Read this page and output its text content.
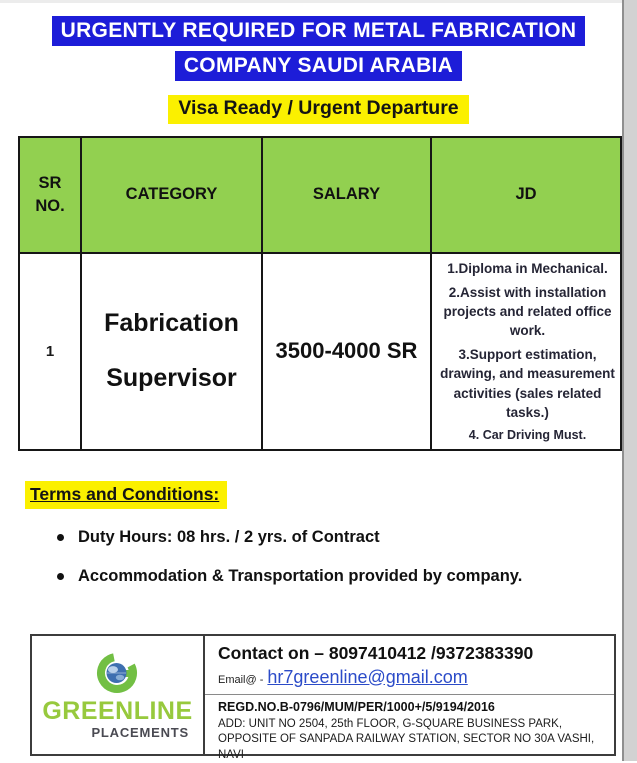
URGENTLY REQUIRED FOR METAL FABRICATION
COMPANY SAUDI ARABIA
Visa Ready / Urgent Departure
SR NO.	CATEGORY	SALARY	JD
1	Fabrication Supervisor	3500-4000 SR	1.Diploma in Mechanical.
2.Assist with installation projects and related office work.
3.Support estimation, drawing, and measurement activities (sales related tasks.)
4. Car Driving Must.
Terms and Conditions:
Duty Hours: 08 hrs. / 2 yrs. of Contract
Accommodation & Transportation provided by company.
GREENLINE
PLACEMENTS
Contact on – 8097410412 /9372383390
Email@ - hr7greenline@gmail.com
REGD.NO.B-0796/MUM/PER/1000+/5/9194/2016
ADD: UNIT NO 2504, 25th FLOOR, G-SQUARE BUSINESS PARK, OPPOSITE OF SANPADA RAILWAY STATION, SECTOR NO 30A VASHI, NAVI
